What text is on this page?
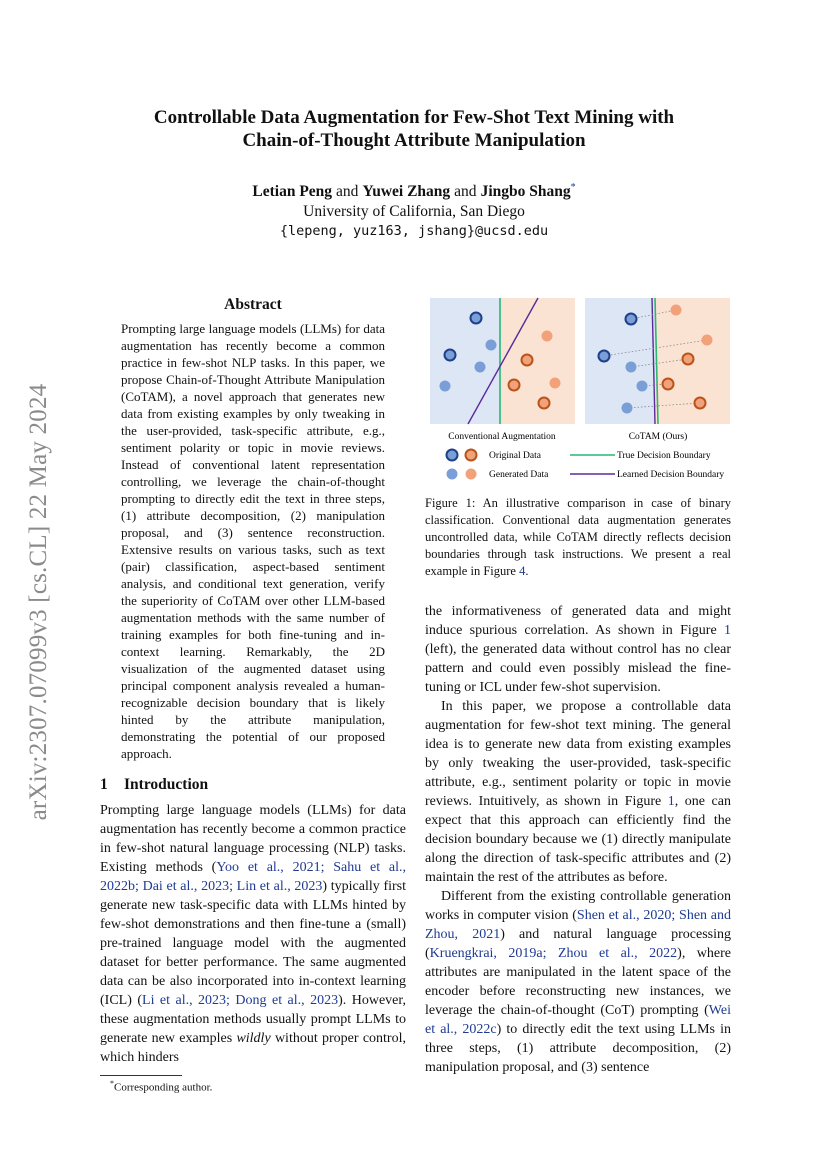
arXiv:2307.07099v3 [cs.CL] 22 May 2024
Controllable Data Augmentation for Few-Shot Text Mining with
Chain-of-Thought Attribute Manipulation
Letian Peng and Yuwei Zhang and Jingbo Shang*
University of California, San Diego
{lepeng, yuz163, jshang}@ucsd.edu
Abstract

Prompting large language models (LLMs) for data augmentation has recently become a common practice in few-shot NLP tasks. In this paper, we propose Chain-of-Thought Attribute Manipulation (CoTAM), a novel approach that generates new data from existing examples by only tweaking in the user-provided, task-specific attribute, e.g., sentiment polarity or topic in movie reviews. Instead of conventional latent representation controlling, we leverage the chain-of-thought prompting to directly edit the text in three steps, (1) attribute decomposition, (2) manipulation proposal, and (3) sentence reconstruction. Extensive results on various tasks, such as text (pair) classification, aspect-based sentiment analysis, and conditional text generation, verify the superiority of CoTAM over other LLM-based augmentation methods with the same number of training examples for both fine-tuning and in-context learning. Remarkably, the 2D visualization of the augmented dataset using principal component analysis revealed a human-recognizable decision boundary that is likely hinted by the attribute manipulation, demonstrating the potential of our proposed approach.

1 Introduction

Prompting large language models (LLMs) for data augmentation has recently become a common practice in few-shot natural language processing (NLP) tasks. Existing methods (Yoo et al., 2021; Sahu et al., 2022b; Dai et al., 2023; Lin et al., 2023) typically first generate new task-specific data with LLMs hinted by few-shot demonstrations and then fine-tune a (small) pre-trained language model with the augmented dataset for better performance. The same augmented data can be also incorporated into in-context learning (ICL) (Li et al., 2023; Dong et al., 2023). However, these augmentation methods usually prompt LLMs to generate new examples wildly without proper control, which hinders

*Corresponding author.
Conventional Augmentation	CoTAM (Ours)
Original Data
Generated Data
True Decision Boundary
Learned Decision Boundary
Figure 1: An illustrative comparison in case of binary classification. Conventional data augmentation generates uncontrolled data, while CoTAM directly reflects decision boundaries through task instructions. We present a real example in Figure 4.

the informativeness of generated data and might induce spurious correlation. As shown in Figure 1 (left), the generated data without control has no clear pattern and could even possibly mislead the fine-tuning or ICL under few-shot supervision.

In this paper, we propose a controllable data augmentation for few-shot text mining. The general idea is to generate new data from existing examples by only tweaking the user-provided, task-specific attribute, e.g., sentiment polarity or topic in movie reviews. Intuitively, as shown in Figure 1, one can expect that this approach can efficiently find the decision boundary because we (1) directly manipulate along the direction of task-specific attributes and (2) maintain the rest of the attributes as before.

Different from the existing controllable generation works in computer vision (Shen et al., 2020; Shen and Zhou, 2021) and natural language processing (Kruengkrai, 2019a; Zhou et al., 2022), where attributes are manipulated in the latent space of the encoder before reconstructing new instances, we leverage the chain-of-thought (CoT) prompting (Wei et al., 2022c) to directly edit the text using LLMs in three steps, (1) attribute decomposition, (2) manipulation proposal, and (3) sentence
